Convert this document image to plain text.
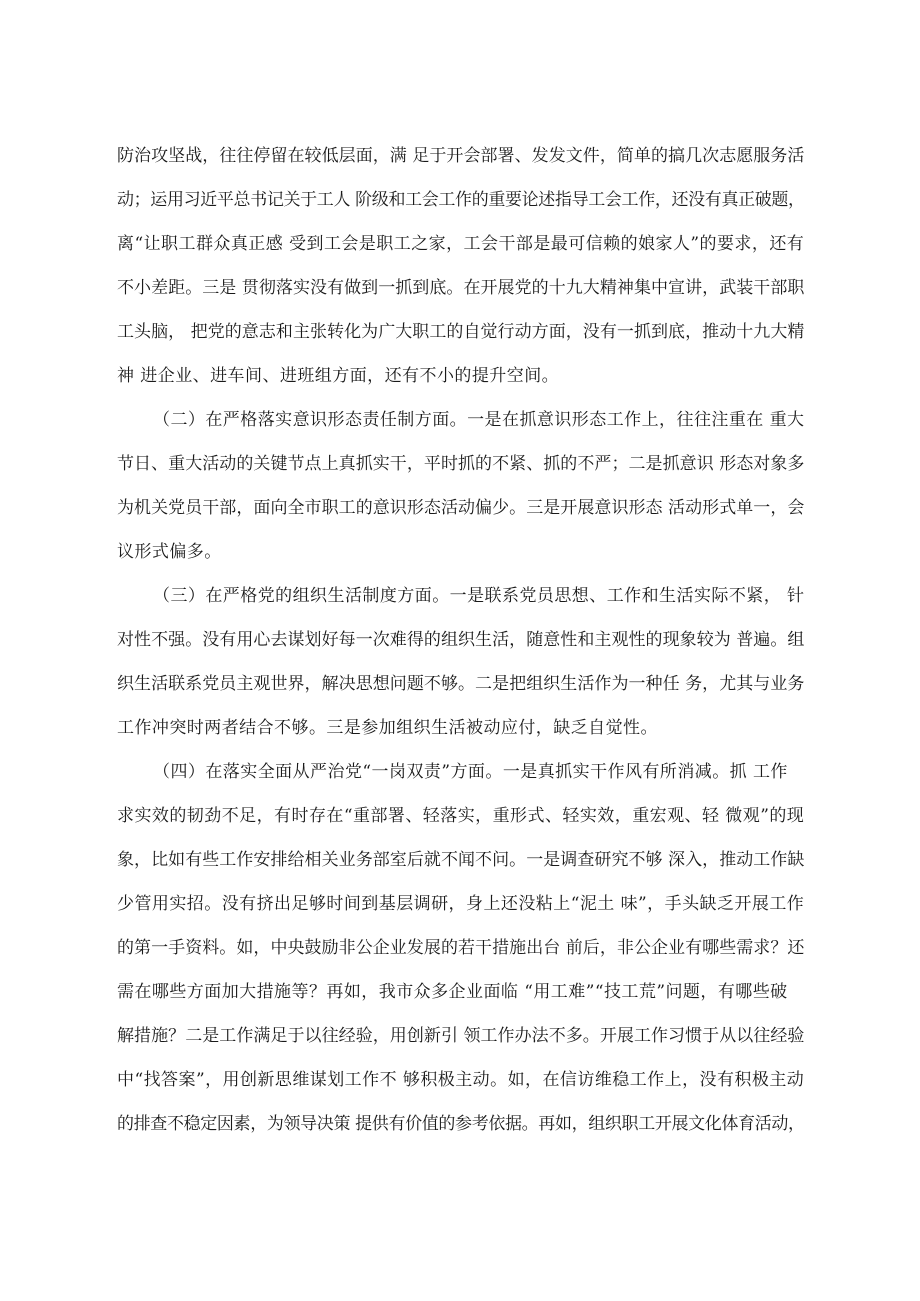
防治攻坚战，往往停留在较低层面，满 足于开会部署、发发文件，简单的搞几次志愿服务活
动；运用习近平总书记关于工人 阶级和工会工作的重要论述指导工会工作，还没有真正破题，
离“让职工群众真正感 受到工会是职工之家，工会干部是最可信赖的娘家人”的要求，还有
不小差距。三是 贯彻落实没有做到一抓到底。在开展党的十九大精神集中宣讲，武装干部职
工头脑， 把党的意志和主张转化为广大职工的自觉行动方面，没有一抓到底，推动十九大精
神 进企业、进车间、进班组方面，还有不小的提升空间。
（二）在严格落实意识形态责任制方面。一是在抓意识形态工作上，往往注重在 重大
节日、重大活动的关键节点上真抓实干，平时抓的不紧、抓的不严；二是抓意识 形态对象多
为机关党员干部，面向全市职工的意识形态活动偏少。三是开展意识形态 活动形式单一，会
议形式偏多。
（三）在严格党的组织生活制度方面。一是联系党员思想、工作和生活实际不紧， 针
对性不强。没有用心去谋划好每一次难得的组织生活，随意性和主观性的现象较为 普遍。组
织生活联系党员主观世界，解决思想问题不够。二是把组织生活作为一种任 务，尤其与业务
工作冲突时两者结合不够。三是参加组织生活被动应付，缺乏自觉性。
（四）在落实全面从严治党“一岗双责”方面。一是真抓实干作风有所消减。抓 工作
求实效的韧劲不足，有时存在“重部署、轻落实，重形式、轻实效，重宏观、轻 微观”的现
象，比如有些工作安排给相关业务部室后就不闻不问。一是调查研究不够 深入，推动工作缺
少管用实招。没有挤出足够时间到基层调研，身上还没粘上“泥土 味”，手头缺乏开展工作
的第一手资料。如，中央鼓励非公企业发展的若干措施出台 前后，非公企业有哪些需求？还
需在哪些方面加大措施等？再如，我市众多企业面临 “用工难”“技工荒”问题，有哪些破
解措施？二是工作满足于以往经验，用创新引 领工作办法不多。开展工作习惯于从以往经验
中“找答案”，用创新思维谋划工作不 够积极主动。如，在信访维稳工作上，没有积极主动
的排查不稳定因素，为领导决策 提供有价值的参考依据。再如，组织职工开展文化体育活动，
